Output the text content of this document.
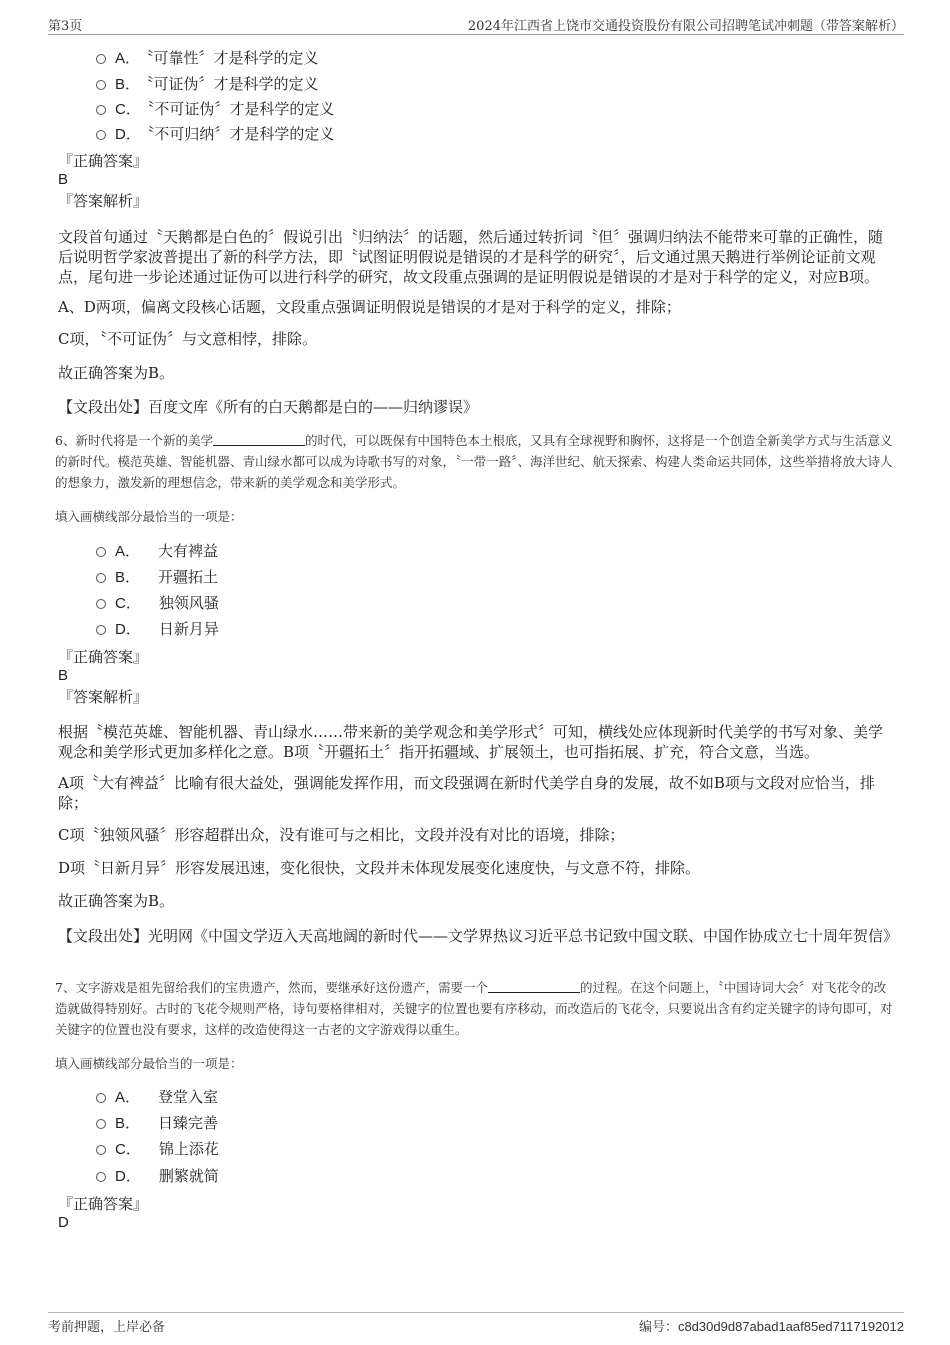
第3页	2024年江西省上饶市交通投资股份有限公司招聘笔试冲刺题（带答案解析）
A． 〝可靠性〞才是科学的定义
B． 〝可证伪〞才是科学的定义
C． 〝不可证伪〞才是科学的定义
D． 〝不可归纳〞才是科学的定义
『正确答案』
B
『答案解析』
文段首句通过〝天鹅都是白色的〞假说引出〝归纳法〞的话题，然后通过转折词〝但〞强调归纳法不能带来可靠的正确性，随后说明哲学家波普提出了新的科学方法，即〝试图证明假说是错误的才是科学的研究〞，后文通过黑天鹅进行举例论证前文观点，尾句进一步论述通过证伪可以进行科学的研究，故文段重点强调的是证明假说是错误的才是对于科学的定义，对应B项。
A、D两项，偏离文段核心话题，文段重点强调证明假说是错误的才是对于科学的定义，排除；
C项，〝不可证伪〞与文意相悖，排除。
故正确答案为B。
【文段出处】百度文库《所有的白天鹅都是白的——归纳谬误》
6、新时代将是一个新的美学	的时代，可以既保有中国特色本土根底，又具有全球视野和胸怀，这将是一个创造全新美学方式与生活意义的新时代。模范英雄、智能机器、青山绿水都可以成为诗歌书写的对象，〝一带一路〞、海洋世纪、航天探索、构建人类命运共同体，这些举措将放大诗人的想象力，激发新的理想信念，带来新的美学观念和美学形式。
填入画横线部分最恰当的一项是：
A． 大有裨益
B． 开疆拓土
C． 独领风骚
D． 日新月异
『正确答案』
B
『答案解析』
根据〝模范英雄、智能机器、青山绿水……带来新的美学观念和美学形式〞可知，横线处应体现新时代美学的书写对象、美学观念和美学形式更加多样化之意。B项〝开疆拓土〞指开拓疆域、扩展领土，也可指拓展、扩充，符合文意，当选。
A项〝大有裨益〞比喻有很大益处，强调能发挥作用，而文段强调在新时代美学自身的发展，故不如B项与文段对应恰当，排除；
C项〝独领风骚〞形容超群出众，没有谁可与之相比，文段并没有对比的语境，排除；
D项〝日新月异〞形容发展迅速，变化很快，文段并未体现发展变化速度快，与文意不符，排除。
故正确答案为B。
【文段出处】光明网《中国文学迈入天高地阔的新时代——文学界热议习近平总书记致中国文联、中国作协成立七十周年贺信》
7、文字游戏是祖先留给我们的宝贵遗产，然而，要继承好这份遗产，需要一个	的过程。在这个问题上，〝中国诗词大会〞对飞花令的改造就做得特别好。古时的飞花令规则严格，诗句要格律相对，关键字的位置也要有序移动，而改造后的飞花令，只要说出含有约定关键字的诗句即可，对关键字的位置也没有要求，这样的改造使得这一古老的文字游戏得以重生。
填入画横线部分最恰当的一项是：
A． 登堂入室
B． 日臻完善
C． 锦上添花
D． 删繁就简
『正确答案』
D
考前押题，上岸必备	编号：c8d30d9d87abad1aaf85ed7117192012
